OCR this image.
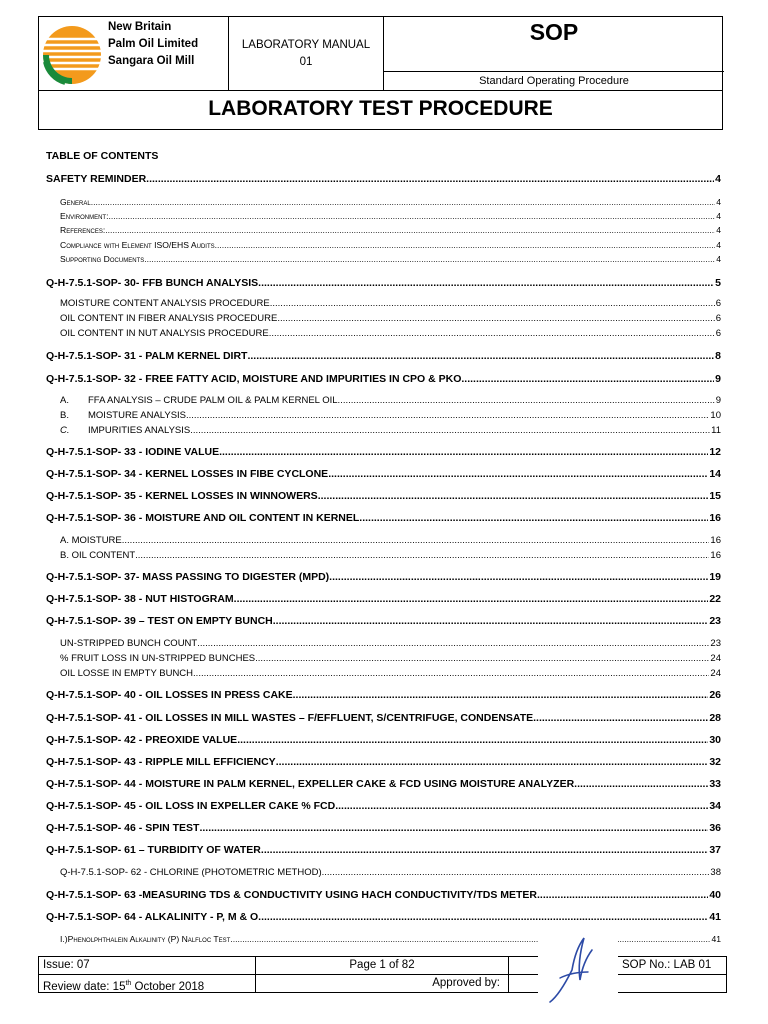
New Britain
Palm Oil Limited
Sangara Oil Mill
LABORATORY MANUAL
01
SOP
Standard Operating Procedure
LABORATORY TEST PROCEDURE
TABLE OF CONTENTS
SAFETY REMINDER .....	4
General .....	4
Environment: .....	4
References: .....	4
Compliance with Element ISO/EHS Audits .....	4
Supporting Documents .....	4
Q-H-7.5.1-SOP- 30- FFB BUNCH ANALYSIS .....	5
MOISTURE CONTENT ANALYSIS PROCEDURE .....	6
OIL CONTENT IN FIBER ANALYSIS PROCEDURE .....	6
OIL CONTENT IN NUT ANALYSIS PROCEDURE .....	6
Q-H-7.5.1-SOP- 31 - PALM KERNEL DIRT .....	8
Q-H-7.5.1-SOP- 32 - FREE FATTY ACID, MOISTURE AND IMPURITIES IN CPO & PKO .....	9
A.	FFA ANALYSIS – CRUDE PALM OIL & PALM KERNEL OIL .....	9
B.	MOISTURE ANALYSIS .....	10
C.	IMPURITIES ANALYSIS .....	11
Q-H-7.5.1-SOP- 33 - IODINE VALUE .....	12
Q-H-7.5.1-SOP- 34 - KERNEL LOSSES IN FIBE CYCLONE .....	14
Q-H-7.5.1-SOP- 35 - KERNEL LOSSES IN WINNOWERS .....	15
Q-H-7.5.1-SOP- 36 - MOISTURE AND OIL CONTENT IN KERNEL .....	16
A. MOISTURE .....	16
B. OIL CONTENT .....	16
Q-H-7.5.1-SOP- 37- MASS PASSING TO DIGESTER (MPD) .....	19
Q-H-7.5.1-SOP- 38 - NUT HISTOGRAM .....	22
Q-H-7.5.1-SOP- 39 – TEST ON EMPTY BUNCH .....	23
UN-STRIPPED BUNCH COUNT .....	23
% FRUIT LOSS IN UN-STRIPPED BUNCHES .....	24
OIL LOSSE IN EMPTY BUNCH .....	24
Q-H-7.5.1-SOP- 40 - OIL LOSSES IN PRESS CAKE .....	26
Q-H-7.5.1-SOP- 41 - OIL LOSSES IN MILL WASTES – F/EFFLUENT, S/CENTRIFUGE, CONDENSATE .....	28
Q-H-7.5.1-SOP- 42 - PREOXIDE VALUE .....	30
Q-H-7.5.1-SOP- 43 - RIPPLE MILL EFFICIENCY .....	32
Q-H-7.5.1-SOP- 44 - MOISTURE IN PALM KERNEL, EXPELLER CAKE & FCD USING MOISTURE ANALYZER .....	33
Q-H-7.5.1-SOP- 45 - OIL LOSS IN EXPELLER CAKE % FCD .....	34
Q-H-7.5.1-SOP- 46 - SPIN TEST .....	36
Q-H-7.5.1-SOP- 61 – TURBIDITY OF WATER .....	37
Q-H-7.5.1-SOP- 62 - CHLORINE (PHOTOMETRIC METHOD) .....	38
Q-H-7.5.1-SOP- 63 -MEASURING TDS & CONDUCTIVITY USING HACH CONDUCTIVITY/TDS METER .....	40
Q-H-7.5.1-SOP- 64 - ALKALINITY - P, M & O .....	41
I.)Phenolphthalein Alkalinity (P) Nalfloc Test .....	41
Issue: 07
Review date: 15th October 2018
Page 1 of 82
Approved by:
SOP No.: LAB 01
